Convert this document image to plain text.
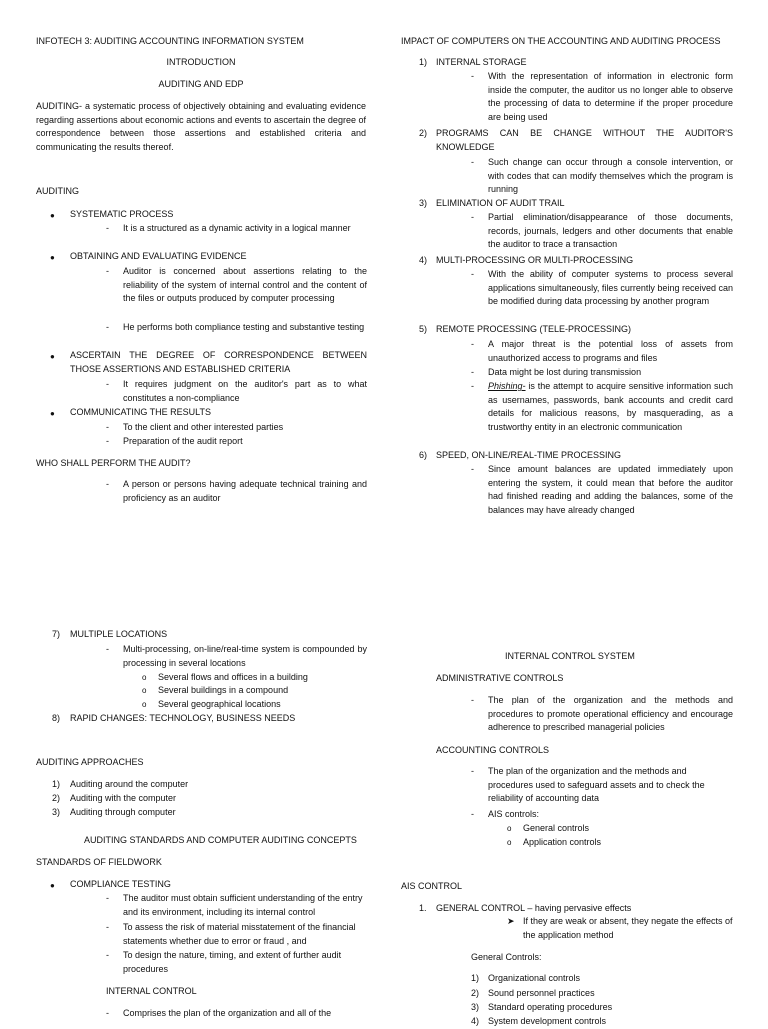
INFOTECH 3: AUDITING ACCOUNTING INFORMATION SYSTEM
INTRODUCTION
AUDITING AND EDP
AUDITING- a systematic process of objectively obtaining and evaluating evidence regarding assertions about economic actions and events to ascertain the degree of correspondence between those assertions and established criteria and communicating the results thereof.
AUDITING
● SYSTEMATIC PROCESS
- It is a structured as a dynamic activity in a logical manner
● OBTAINING AND EVALUATING EVIDENCE
- Auditor is concerned about assertions relating to the reliability of the system of internal control and the content of the files or outputs produced by computer processing
- He performs both compliance testing and substantive testing
● ASCERTAIN THE DEGREE OF CORRESPONDENCE BETWEEN THOSE ASSERTIONS AND ESTABLISHED CRITERIA
- It requires judgment on the auditor's part as to what constitutes a non-compliance
● COMMUNICATING THE RESULTS
- To the client and other interested parties
- Preparation of the audit report
WHO SHALL PERFORM THE AUDIT?
- A person or persons having adequate technical training and proficiency as an auditor
IMPACT OF COMPUTERS ON THE ACCOUNTING AND AUDITING PROCESS
1) INTERNAL STORAGE
- With the representation of information in electronic form inside the computer, the auditor us no longer able to observe the processing of data to determine if the proper procedure are being used
2) PROGRAMS CAN BE CHANGE WITHOUT THE AUDITOR'S KNOWLEDGE
- Such change can occur through a console intervention, or with codes that can modify themselves which the program is running
3) ELIMINATION OF AUDIT TRAIL
- Partial elimination/disappearance of those documents, records, journals, ledgers and other documents that enable the auditor to trace a transaction
4) MULTI-PROCESSING OR MULTI-PROCESSING
- With the ability of computer systems to process several applications simultaneously, files currently being received can be modified during data processing by another program
5) REMOTE PROCESSING (TELE-PROCESSING)
- A major threat is the potential loss of assets from unauthorized access to programs and files
- Data might be lost during transmission
- Phishing- is the attempt to acquire sensitive information such as usernames, passwords, bank accounts and credit card details for malicious reasons, by masquerading, as a trustworthy entity in an electronic communication
6) SPEED, ON-LINE/REAL-TIME PROCESSING
- Since amount balances are updated immediately upon entering the system, it could mean that before the auditor had finished reading and adding the balances, some of the balances may have already changed
7) MULTIPLE LOCATIONS
- Multi-processing, on-line/real-time system is compounded by processing in several locations
o Several flows and offices in a building
o Several buildings in a compound
o Several geographical locations
8) RAPID CHANGES: TECHNOLOGY, BUSINESS NEEDS
AUDITING APPROACHES
1) Auditing around the computer
2) Auditing with the computer
3) Auditing through computer
AUDITING STANDARDS AND COMPUTER AUDITING CONCEPTS
STANDARDS OF FIELDWORK
● COMPLIANCE TESTING
- The auditor must obtain sufficient understanding of the entry and its environment, including its internal control
- To assess the risk of material misstatement of the financial statements whether due to error or fraud , and
- To design the nature, timing, and extent of further audit procedures
INTERNAL CONTROL
- Comprises the plan of the organization and all of the
INTERNAL CONTROL SYSTEM
ADMINISTRATIVE CONTROLS
- The plan of the organization and the methods and procedures to promote operational efficiency and encourage adherence to prescribed managerial policies
ACCOUNTING CONTROLS
- The plan of the organization and the methods and procedures used to safeguard assets and to check the reliability of accounting data
- AIS controls:
o General controls
o Application controls
AIS CONTROL
1. GENERAL CONTROL – having pervasive effects
➤ If they are weak or absent, they negate the effects of the application method
General Controls:
1) Organizational controls
2) Sound personnel practices
3) Standard operating procedures
4) System development controls
